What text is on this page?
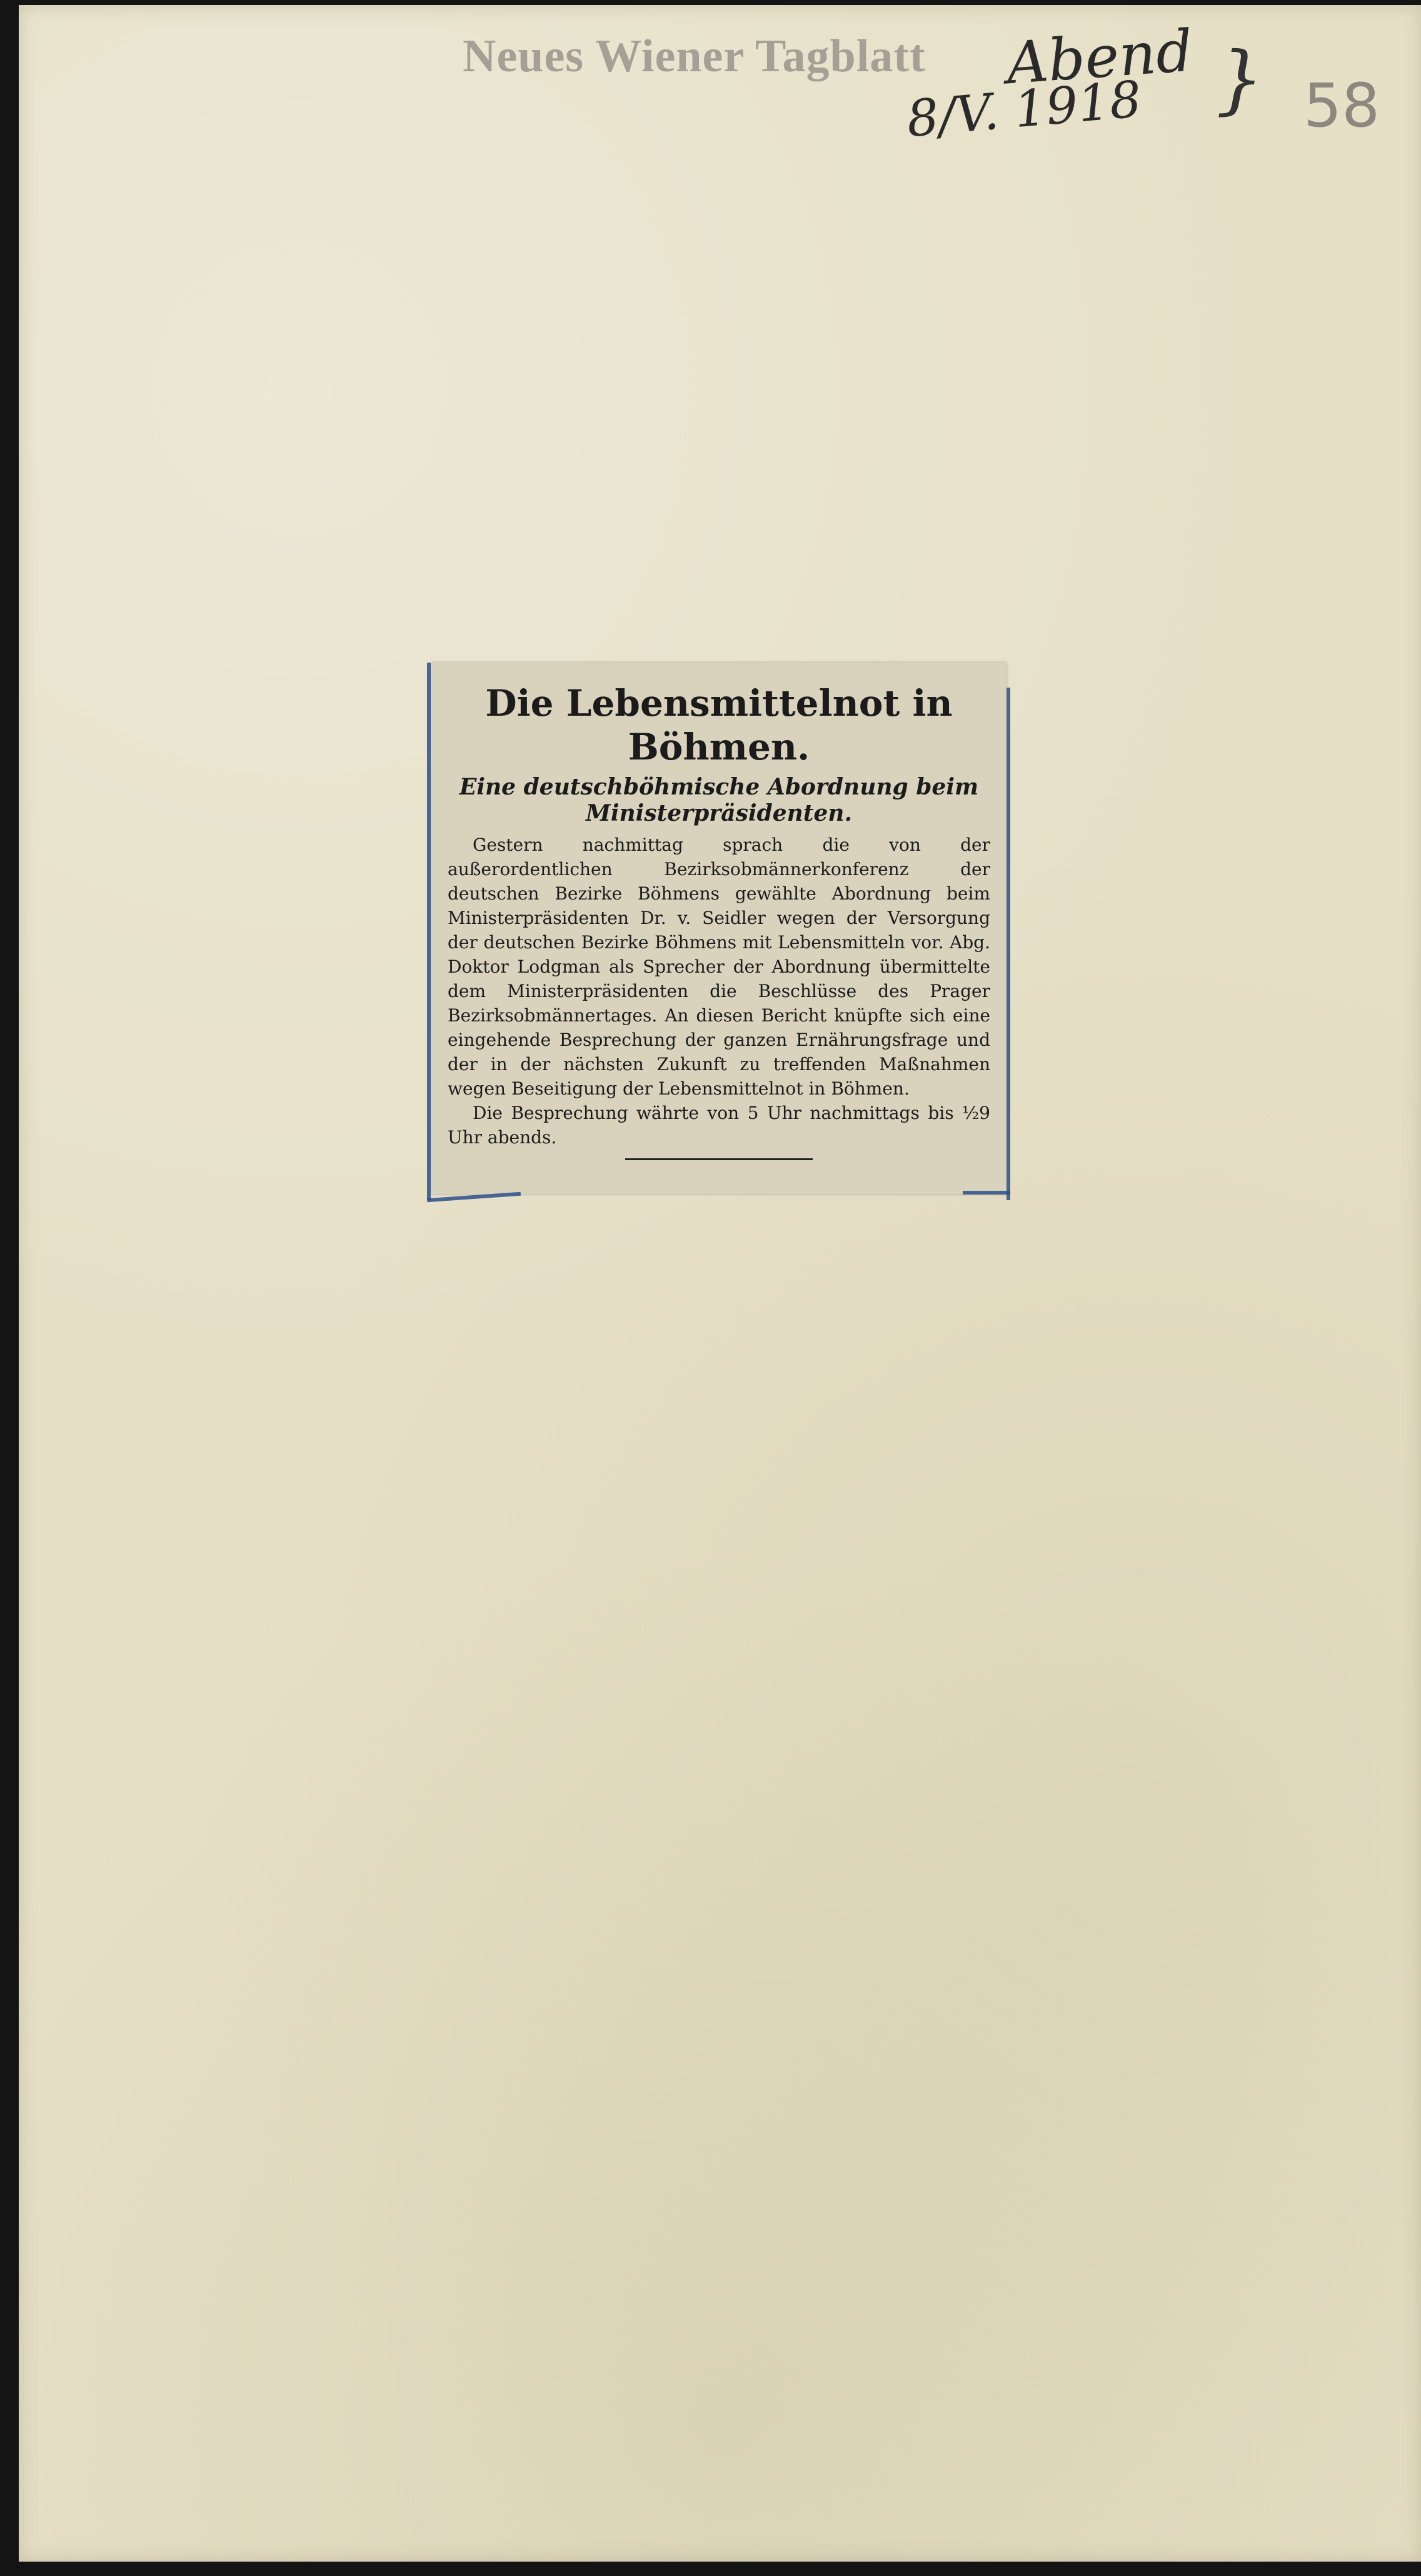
Neues Wiener Tagblatt Abend }
8/V. 1918	58
Die Lebensmittelnot in Böhmen.
Eine deutschböhmische Abordnung beim Ministerpräsidenten.

Gestern nachmittag sprach die von der außerordentlichen Bezirksobmännerkonferenz der deutschen Bezirke Böhmens gewählte Abordnung beim Ministerpräsidenten Dr. v. Seidler wegen der Versorgung der deutschen Bezirke Böhmens mit Lebensmitteln vor. Abg. Doktor Lodgman als Sprecher der Abordnung übermittelte dem Ministerpräsidenten die Beschlüsse des Prager Bezirksobmännertages. An diesen Bericht knüpfte sich eine eingehende Besprechung der ganzen Ernährungsfrage und der in der nächsten Zukunft zu treffenden Maßnahmen wegen Beseitigung der Lebensmittelnot in Böhmen.

Die Besprechung währte von 5 Uhr nachmittags bis ½9 Uhr abends.
